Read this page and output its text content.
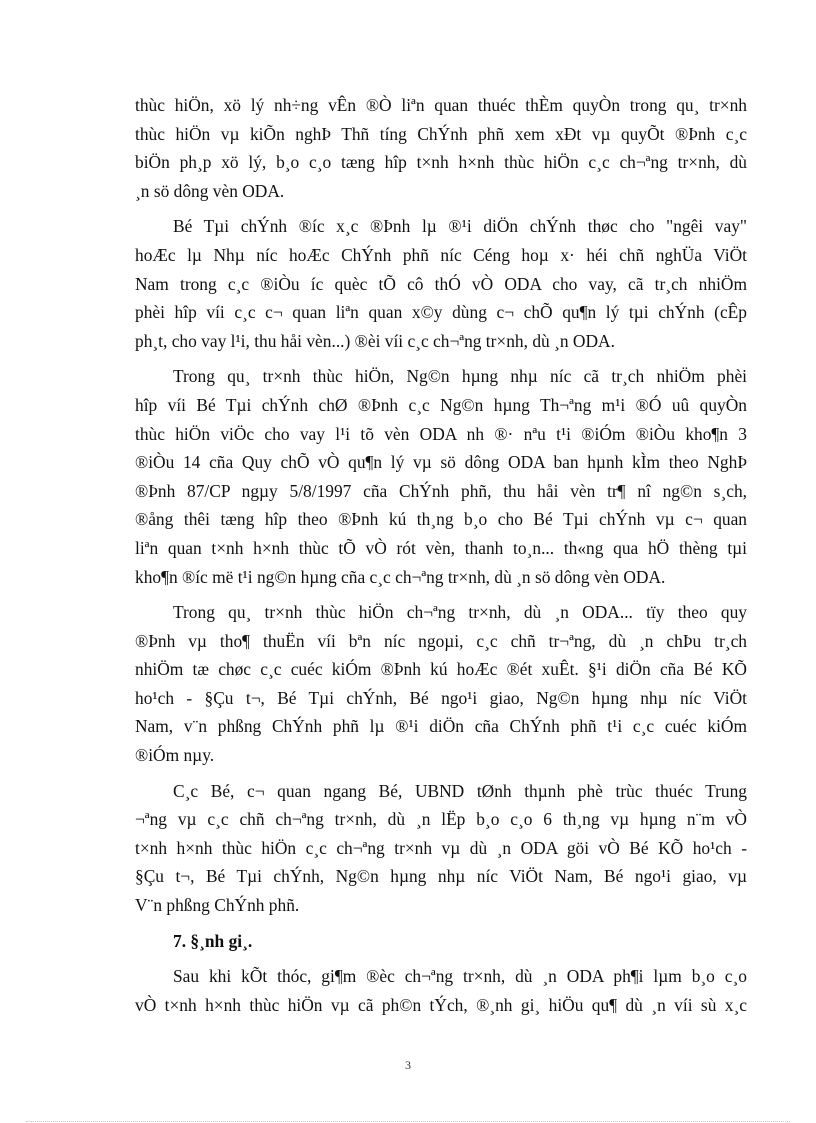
thùc hiÖn, xö lý nh÷ng vÊn ®Ò liªn quan thuéc thÈm quyÒn trong qu¸ tr×nh
thùc hiÖn vµ kiÕn nghÞ Thñ tíng ChÝnh phñ xem xÐt vµ quyÕt ®Þnh c¸c
biÖn ph¸p xö lý, b¸o c¸o tæng hîp t×nh h×nh thùc hiÖn c¸c ch¬ªng tr×nh, dù
¸n sö dông vèn ODA.
Bé Tµi chÝnh ®íc x¸c ®Þnh lµ ®¹i diÖn chÝnh thøc cho "ngêi vay"
hoÆc lµ Nhµ níc hoÆc ChÝnh phñ níc Céng hoµ x· héi chñ nghÜa ViÖt
Nam trong c¸c ®iÒu íc quèc tÕ cô thÓ vÒ ODA cho vay, cã tr¸ch nhiÖm
phèi hîp víi c¸c c¬ quan liªn quan x©y dùng c¬ chÕ qu¶n lý tµi chÝnh (cÊp
ph¸t, cho vay l¹i, thu håi vèn...) ®èi víi c¸c ch¬ªng tr×nh, dù ¸n ODA.
Trong qu¸ tr×nh thùc hiÖn, Ng©n hµng nhµ níc cã tr¸ch nhiÖm phèi
hîp víi Bé Tµi chÝnh chØ ®Þnh c¸c Ng©n hµng Th¬ªng m¹i ®Ó uû quyÒn
thùc hiÖn viÖc cho vay l¹i tõ vèn ODA nh ®· nªu t¹i ®iÓm ®iÒu kho¶n 3
®iÒu 14 cña Quy chÕ vÒ qu¶n lý vµ sö dông ODA ban hµnh kÌm theo NghÞ
®Þnh 87/CP ngµy 5/8/1997 cña ChÝnh phñ, thu håi vèn tr¶ nî ng©n s¸ch,
®ång thêi tæng hîp theo ®Þnh kú th¸ng b¸o cho Bé Tµi chÝnh vµ c¬ quan
liªn quan t×nh h×nh thùc tÕ vÒ rót vèn, thanh to¸n... th«ng qua hÖ thèng tµi
kho¶n ®íc më t¹i ng©n hµng cña c¸c ch¬ªng tr×nh, dù ¸n sö dông vèn ODA.
Trong qu¸ tr×nh thùc hiÖn ch¬ªng tr×nh, dù ¸n ODA... tïy theo quy
®Þnh vµ tho¶ thuËn víi bªn níc ngoµi, c¸c chñ tr¬ªng, dù ¸n chÞu tr¸ch
nhiÖm tæ chøc c¸c cuéc kiÓm ®Þnh kú hoÆc ®ét xuÊt. §¹i diÖn cña Bé KÕ
ho¹ch - §Çu t¬, Bé Tµi chÝnh, Bé ngo¹i giao, Ng©n hµng nhµ níc ViÖt
Nam, v¨n phßng ChÝnh phñ lµ ®¹i diÖn cña ChÝnh phñ t¹i c¸c cuéc kiÓm
®iÓm nµy.
C¸c Bé, c¬ quan ngang Bé, UBND tØnh thµnh phè trùc thuéc Trung
¬ªng vµ c¸c chñ ch¬ªng tr×nh, dù ¸n lËp b¸o c¸o 6 th¸ng vµ hµng n¨m vÒ
t×nh h×nh thùc hiÖn c¸c ch¬ªng tr×nh vµ dù ¸n ODA göi vÒ Bé KÕ ho¹ch -
§Çu t¬, Bé Tµi chÝnh, Ng©n hµng nhµ níc ViÖt Nam, Bé ngo¹i giao, vµ
V¨n phßng ChÝnh phñ.
7. §¸nh gi¸.
Sau khi kÕt thóc, gi¶m ®èc ch¬ªng tr×nh, dù ¸n ODA ph¶i lµm b¸o c¸o
vÒ t×nh h×nh thùc hiÖn vµ cã ph©n tÝch, ®¸nh gi¸ hiÖu qu¶ dù ¸n víi sù x¸c
3
